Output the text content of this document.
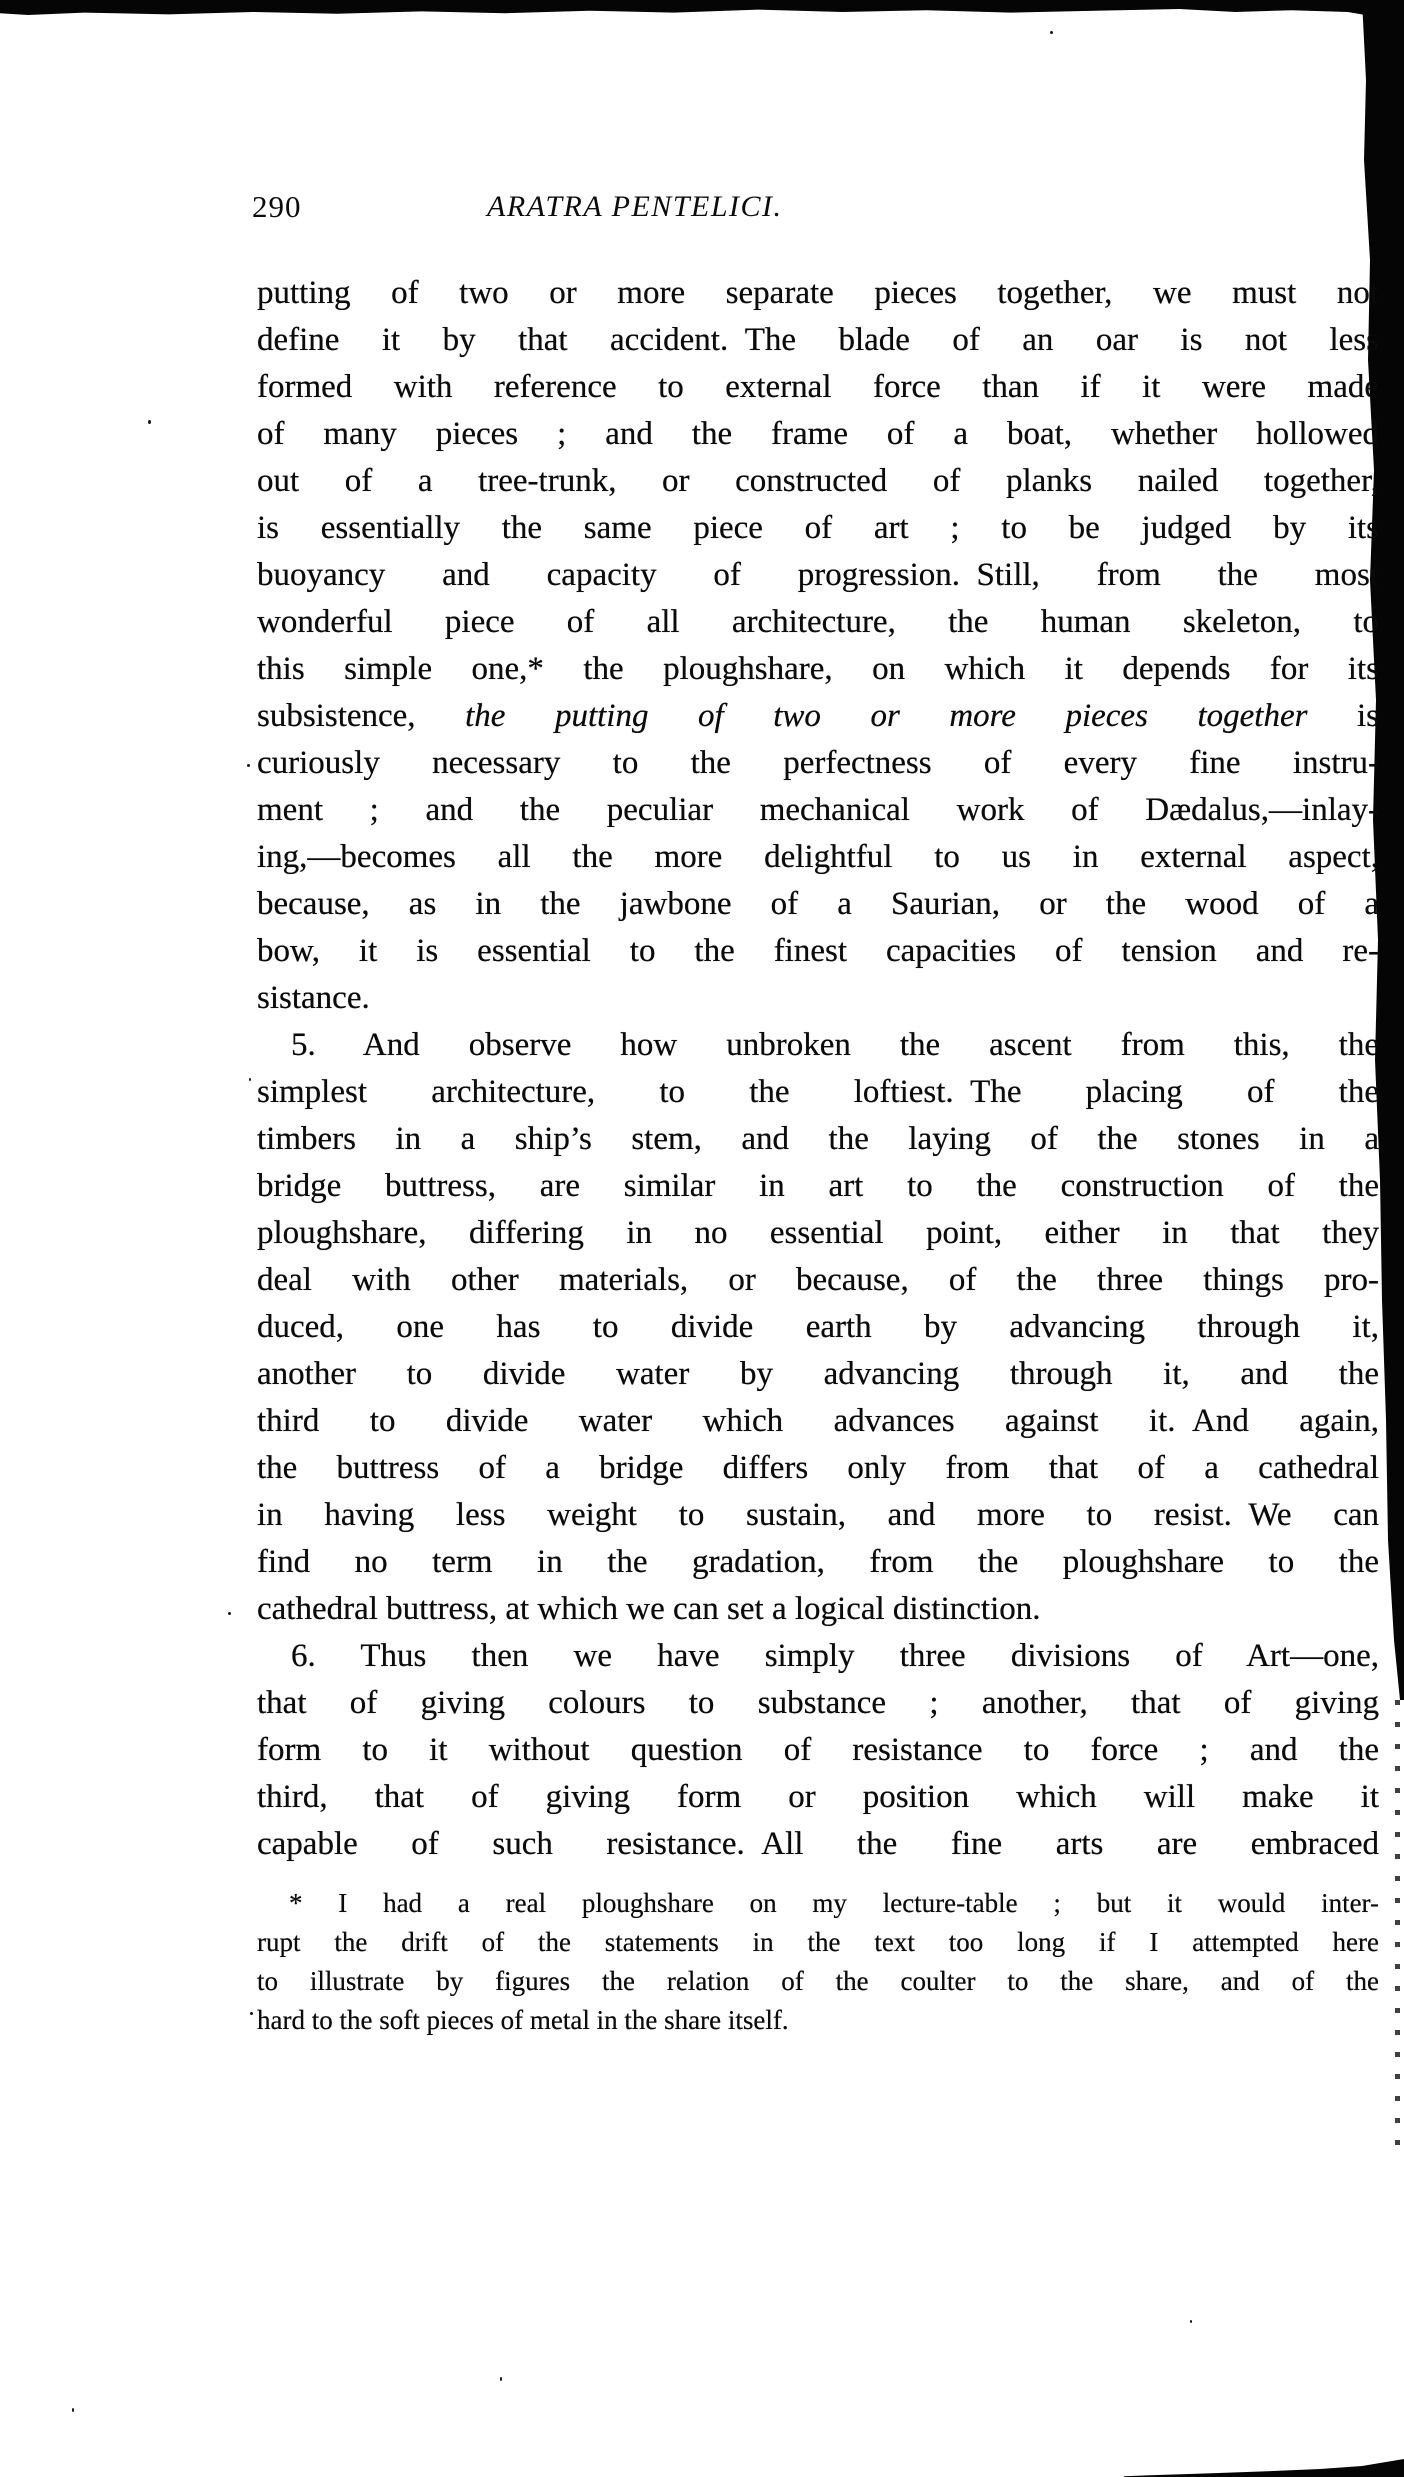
290	ARATRA PENTELICI.
putting of two or more separate pieces together, we must not
define it by that accident. The blade of an oar is not less
formed with reference to external force than if it were made
of many pieces ; and the frame of a boat, whether hollowed
out of a tree-trunk, or constructed of planks nailed together,
is essentially the same piece of art ; to be judged by its
buoyancy and capacity of progression. Still, from the most
wonderful piece of all architecture, the human skeleton, to
this simple one,* the ploughshare, on which it depends for its
subsistence, the putting of two or more pieces together is
curiously necessary to the perfectness of every fine instru-
ment ; and the peculiar mechanical work of Dædalus,—inlay-
ing,—becomes all the more delightful to us in external aspect,
because, as in the jawbone of a Saurian, or the wood of a
bow, it is essential to the finest capacities of tension and re-
sistance.
5. And observe how unbroken the ascent from this, the
simplest architecture, to the loftiest. The placing of the
timbers in a ship’s stem, and the laying of the stones in a
bridge buttress, are similar in art to the construction of the
ploughshare, differing in no essential point, either in that they
deal with other materials, or because, of the three things pro-
duced, one has to divide earth by advancing through it,
another to divide water by advancing through it, and the
third to divide water which advances against it. And again,
the buttress of a bridge differs only from that of a cathedral
in having less weight to sustain, and more to resist. We can
find no term in the gradation, from the ploughshare to the
cathedral buttress, at which we can set a logical distinction.
6. Thus then we have simply three divisions of Art—one,
that of giving colours to substance ; another, that of giving
form to it without question of resistance to force ; and the
third, that of giving form or position which will make it
capable of such resistance. All the fine arts are embraced
* I had a real ploughshare on my lecture-table ; but it would inter-
rupt the drift of the statements in the text too long if I attempted here
to illustrate by figures the relation of the coulter to the share, and of the
hard to the soft pieces of metal in the share itself.
